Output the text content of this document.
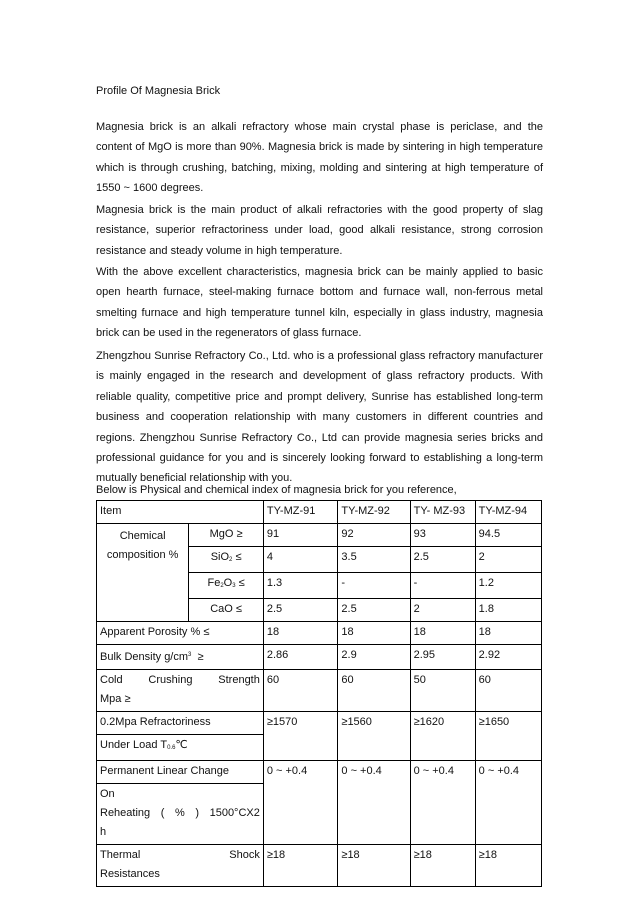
Profile Of Magnesia Brick
Magnesia brick is an alkali refractory whose main crystal phase is periclase, and the content of MgO is more than 90%. Magnesia brick is made by sintering in high temperature which is through crushing, batching, mixing, molding and sintering at high temperature of 1550 ~ 1600 degrees.
Magnesia brick is the main product of alkali refractories with the good property of slag resistance, superior refractoriness under load, good alkali resistance, strong corrosion resistance and steady volume in high temperature.
With the above excellent characteristics, magnesia brick can be mainly applied to basic open hearth furnace, steel-making furnace bottom and furnace wall, non-ferrous metal smelting furnace and high temperature tunnel kiln, especially in glass industry, magnesia brick can be used in the regenerators of glass furnace.
Zhengzhou Sunrise Refractory Co., Ltd. who is a professional glass refractory manufacturer is mainly engaged in the research and development of glass refractory products. With reliable quality, competitive price and prompt delivery, Sunrise has established long-term business and cooperation relationship with many customers in different countries and regions. Zhengzhou Sunrise Refractory Co., Ltd can provide magnesia series bricks and professional guidance for you and is sincerely looking forward to establishing a long-term mutually beneficial relationship with you.
Below is Physical and chemical index of magnesia brick for you reference,
Item		TY-MZ-91	TY-MZ-92	TY- MZ-93	TY-MZ-94
Chemical composition %	MgO ≥	91	92	93	94.5
	SiO$_2$ ≤	4	3.5	2.5	2
	$Fe_2O_3$ ≤	1.3	-	-	1.2
	CaO ≤	2.5	2.5	2	1.8
Apparent Porosity % ≤		18	18	18	18
Bulk Density $g/cm^3$ ≥		2.86	2.9	2.95	2.92

Cold Crushing Strength
Mpa ≥		60	60	50	60

0.2Mpa Refractoriness
Under Load $T_{0.6}℃$		≥1570	≥1560	≥1620	≥1650

Permanent Linear Change
On
Reheating ( % ) 1500°CX2
h		0 ~ +0.4	0 ~ +0.4	0 ~ +0.4	0 ~ +0.4

Thermal Shock
Resistances		≥18	≥18	≥18	≥18
